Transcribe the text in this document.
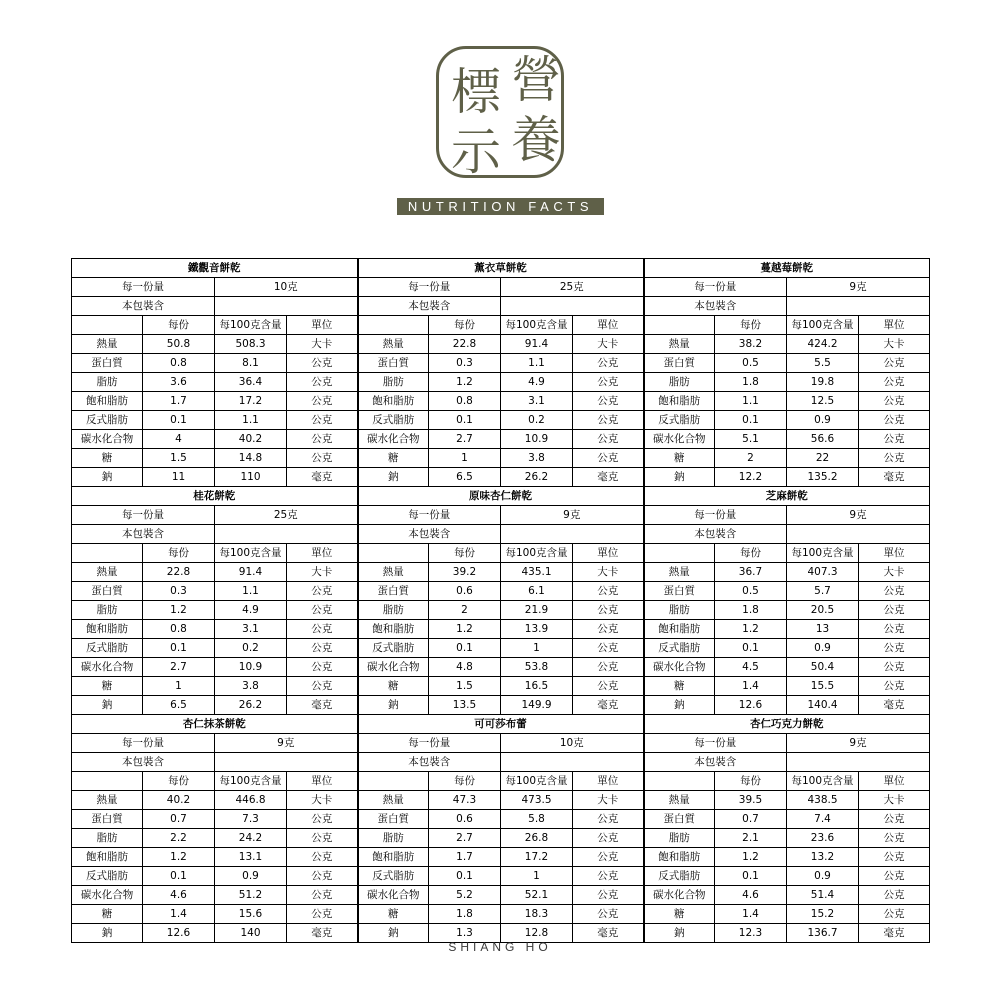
營
標
養
示
NUTRITION FACTS
鐵觀音餅乾				薰衣草餅乾				蔓越莓餅乾			
每一份量		10克		每一份量		25克		每一份量		9克	
本包裝含				本包裝含				本包裝含			
	每份	每100克含量	單位		每份	每100克含量	單位		每份	每100克含量	單位
熱量	50.8	508.3	大卡	熱量	22.8	91.4	大卡	熱量	38.2	424.2	大卡
蛋白質	0.8	8.1	公克	蛋白質	0.3	1.1	公克	蛋白質	0.5	5.5	公克
脂肪	3.6	36.4	公克	脂肪	1.2	4.9	公克	脂肪	1.8	19.8	公克
飽和脂肪	1.7	17.2	公克	飽和脂肪	0.8	3.1	公克	飽和脂肪	1.1	12.5	公克
反式脂肪	0.1	1.1	公克	反式脂肪	0.1	0.2	公克	反式脂肪	0.1	0.9	公克
碳水化合物	4	40.2	公克	碳水化合物	2.7	10.9	公克	碳水化合物	5.1	56.6	公克
糖	1.5	14.8	公克	糖	1	3.8	公克	糖	2	22	公克
鈉	11	110	毫克	鈉	6.5	26.2	毫克	鈉	12.2	135.2	毫克
桂花餅乾				原味杏仁餅乾				芝麻餅乾			
每一份量		25克		每一份量		9克		每一份量		9克	
本包裝含				本包裝含				本包裝含			
	每份	每100克含量	單位		每份	每100克含量	單位		每份	每100克含量	單位
熱量	22.8	91.4	大卡	熱量	39.2	435.1	大卡	熱量	36.7	407.3	大卡
蛋白質	0.3	1.1	公克	蛋白質	0.6	6.1	公克	蛋白質	0.5	5.7	公克
脂肪	1.2	4.9	公克	脂肪	2	21.9	公克	脂肪	1.8	20.5	公克
飽和脂肪	0.8	3.1	公克	飽和脂肪	1.2	13.9	公克	飽和脂肪	1.2	13	公克
反式脂肪	0.1	0.2	公克	反式脂肪	0.1	1	公克	反式脂肪	0.1	0.9	公克
碳水化合物	2.7	10.9	公克	碳水化合物	4.8	53.8	公克	碳水化合物	4.5	50.4	公克
糖	1	3.8	公克	糖	1.5	16.5	公克	糖	1.4	15.5	公克
鈉	6.5	26.2	毫克	鈉	13.5	149.9	毫克	鈉	12.6	140.4	毫克
杏仁抹茶餅乾				可可莎布蕾				杏仁巧克力餅乾			
每一份量		9克		每一份量		10克		每一份量		9克	
本包裝含				本包裝含				本包裝含			
	每份	每100克含量	單位		每份	每100克含量	單位		每份	每100克含量	單位
熱量	40.2	446.8	大卡	熱量	47.3	473.5	大卡	熱量	39.5	438.5	大卡
蛋白質	0.7	7.3	公克	蛋白質	0.6	5.8	公克	蛋白質	0.7	7.4	公克
脂肪	2.2	24.2	公克	脂肪	2.7	26.8	公克	脂肪	2.1	23.6	公克
飽和脂肪	1.2	13.1	公克	飽和脂肪	1.7	17.2	公克	飽和脂肪	1.2	13.2	公克
反式脂肪	0.1	0.9	公克	反式脂肪	0.1	1	公克	反式脂肪	0.1	0.9	公克
碳水化合物	4.6	51.2	公克	碳水化合物	5.2	52.1	公克	碳水化合物	4.6	51.4	公克
糖	1.4	15.6	公克	糖	1.8	18.3	公克	糖	1.4	15.2	公克
鈉	12.6	140	毫克	鈉	1.3	12.8	毫克	鈉	12.3	136.7	毫克
SHIANG HO
